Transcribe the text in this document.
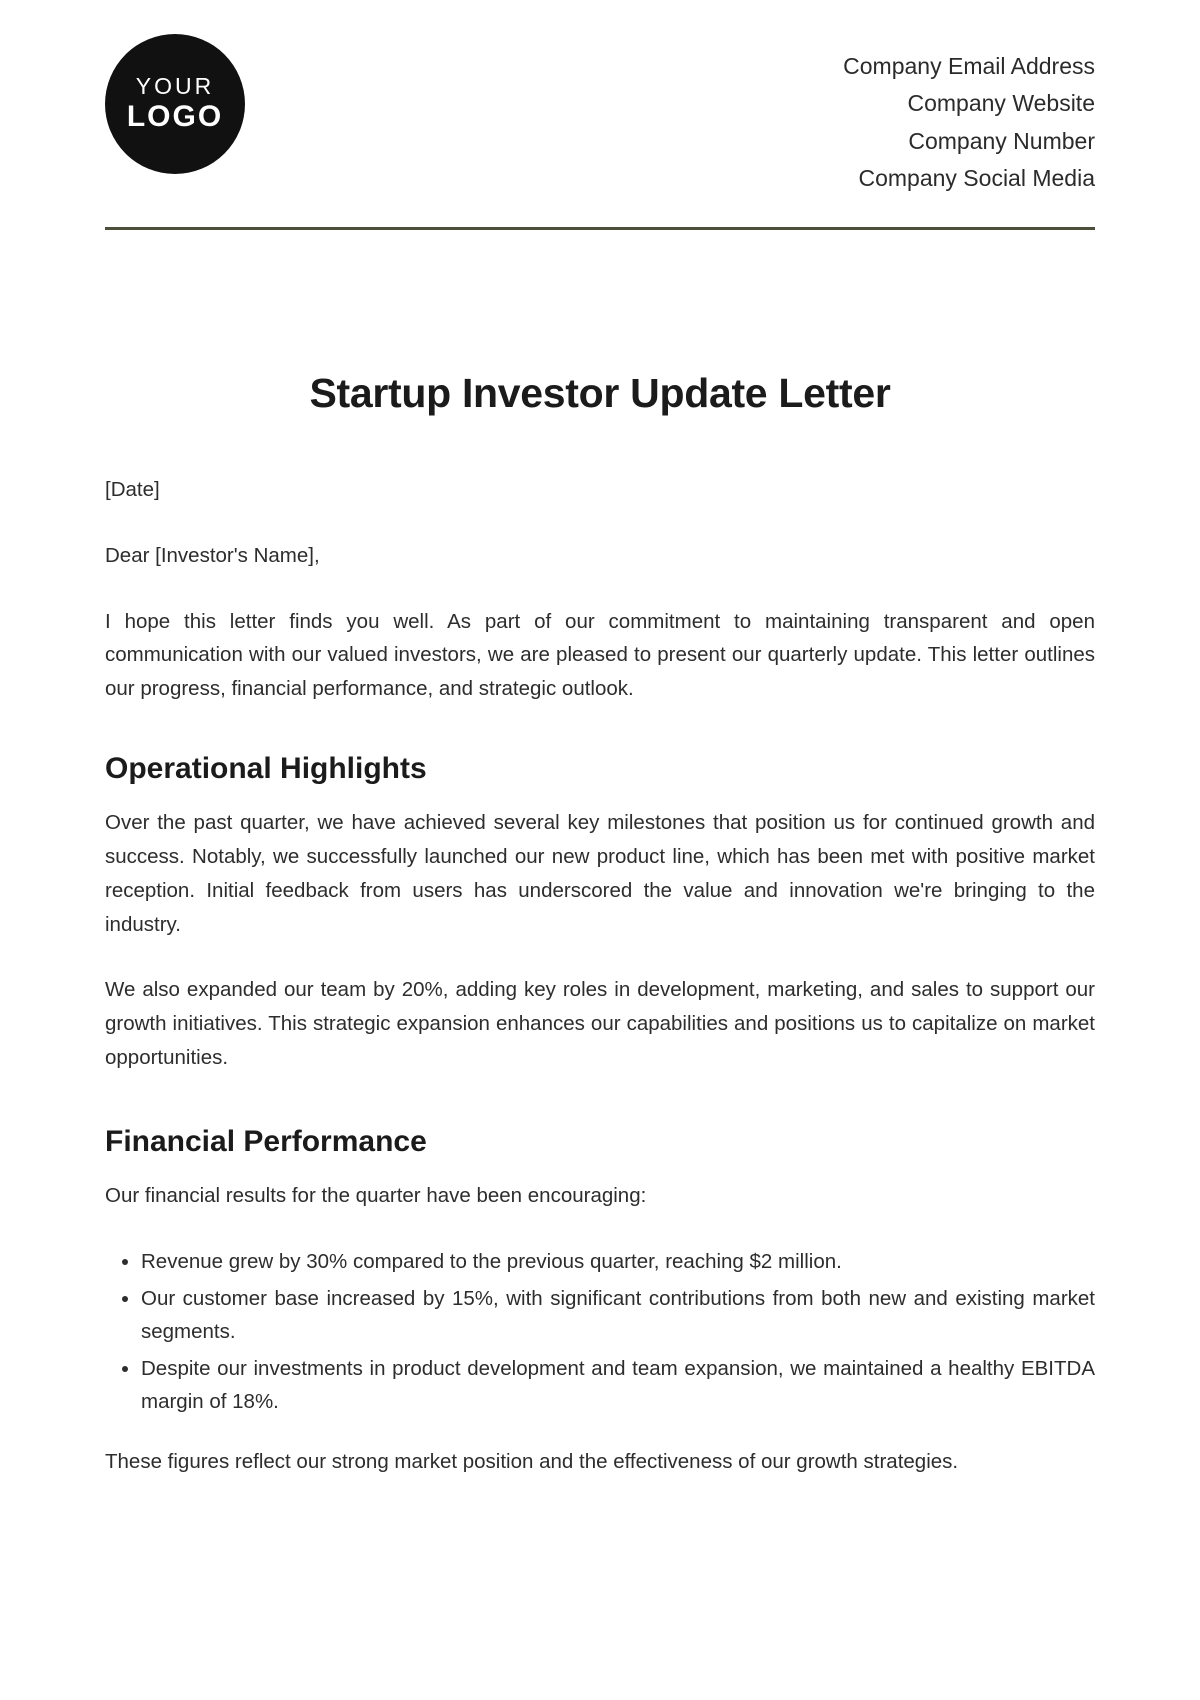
YOUR
LOGO
Company Email Address
Company Website
Company Number
Company Social Media
Startup Investor Update Letter

[Date]

Dear [Investor's Name],

I hope this letter finds you well. As part of our commitment to maintaining transparent and open communication with our valued investors, we are pleased to present our quarterly update. This letter outlines our progress, financial performance, and strategic outlook.

Operational Highlights

Over the past quarter, we have achieved several key milestones that position us for continued growth and success. Notably, we successfully launched our new product line, which has been met with positive market reception. Initial feedback from users has underscored the value and innovation we're bringing to the industry.

We also expanded our team by 20%, adding key roles in development, marketing, and sales to support our growth initiatives. This strategic expansion enhances our capabilities and positions us to capitalize on market opportunities.

Financial Performance

Our financial results for the quarter have been encouraging:

• Revenue grew by 30% compared to the previous quarter, reaching $2 million.
• Our customer base increased by 15%, with significant contributions from both new and existing market segments.
• Despite our investments in product development and team expansion, we maintained a healthy EBITDA margin of 18%.

These figures reflect our strong market position and the effectiveness of our growth strategies.
